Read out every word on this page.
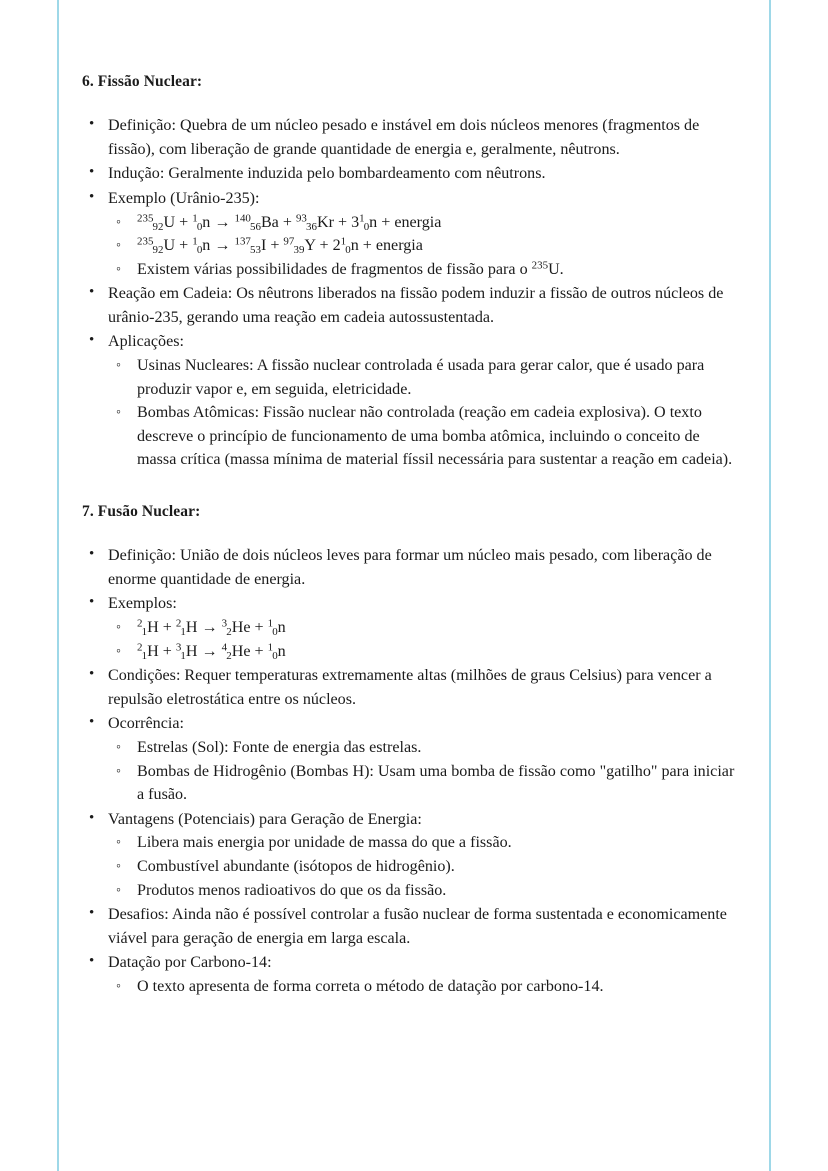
6. Fissão Nuclear:
• Definição: Quebra de um núcleo pesado e instável em dois núcleos menores (fragmentos de fissão), com liberação de grande quantidade de energia e, geralmente, nêutrons.
• Indução: Geralmente induzida pelo bombardeamento com nêutrons.
• Exemplo (Urânio-235):
◦ $^{235}_{92}U + ^1_0n \to ^{140}_{56}Ba + ^{93}_{36}Kr + 3^1_0n$ + energia
◦ $^{235}_{92}U + ^1_0n \to ^{137}_{53}I + ^{97}_{39}Y + 2^1_0n$ + energia
◦ Existem várias possibilidades de fragmentos de fissão para o $^{235}$U.
• Reação em Cadeia: Os nêutrons liberados na fissão podem induzir a fissão de outros núcleos de urânio-235, gerando uma reação em cadeia autossustentada.
• Aplicações:
◦ Usinas Nucleares: A fissão nuclear controlada é usada para gerar calor, que é usado para produzir vapor e, em seguida, eletricidade.
◦ Bombas Atômicas: Fissão nuclear não controlada (reação em cadeia explosiva). O texto descreve o princípio de funcionamento de uma bomba atômica, incluindo o conceito de massa crítica (massa mínima de material físsil necessária para sustentar a reação em cadeia).
7. Fusão Nuclear:
• Definição: União de dois núcleos leves para formar um núcleo mais pesado, com liberação de enorme quantidade de energia.
• Exemplos:
◦ $^2_1$H + $^2_1$H → $^3_2$He + $^1_0$n
◦ $^2_1$H + $^3_1$H → $^4_2$He + $^1_0$n
• Condições: Requer temperaturas extremamente altas (milhões de graus Celsius) para vencer a repulsão eletrostática entre os núcleos.
• Ocorrência:
◦ Estrelas (Sol): Fonte de energia das estrelas.
◦ Bombas de Hidrogênio (Bombas H): Usam uma bomba de fissão como "gatilho" para iniciar a fusão.
• Vantagens (Potenciais) para Geração de Energia:
◦ Libera mais energia por unidade de massa do que a fissão.
◦ Combustível abundante (isótopos de hidrogênio).
◦ Produtos menos radioativos do que os da fissão.
• Desafios: Ainda não é possível controlar a fusão nuclear de forma sustentada e economicamente viável para geração de energia em larga escala.
• Datação por Carbono-14:
◦ O texto apresenta de forma correta o método de datação por carbono-14.
